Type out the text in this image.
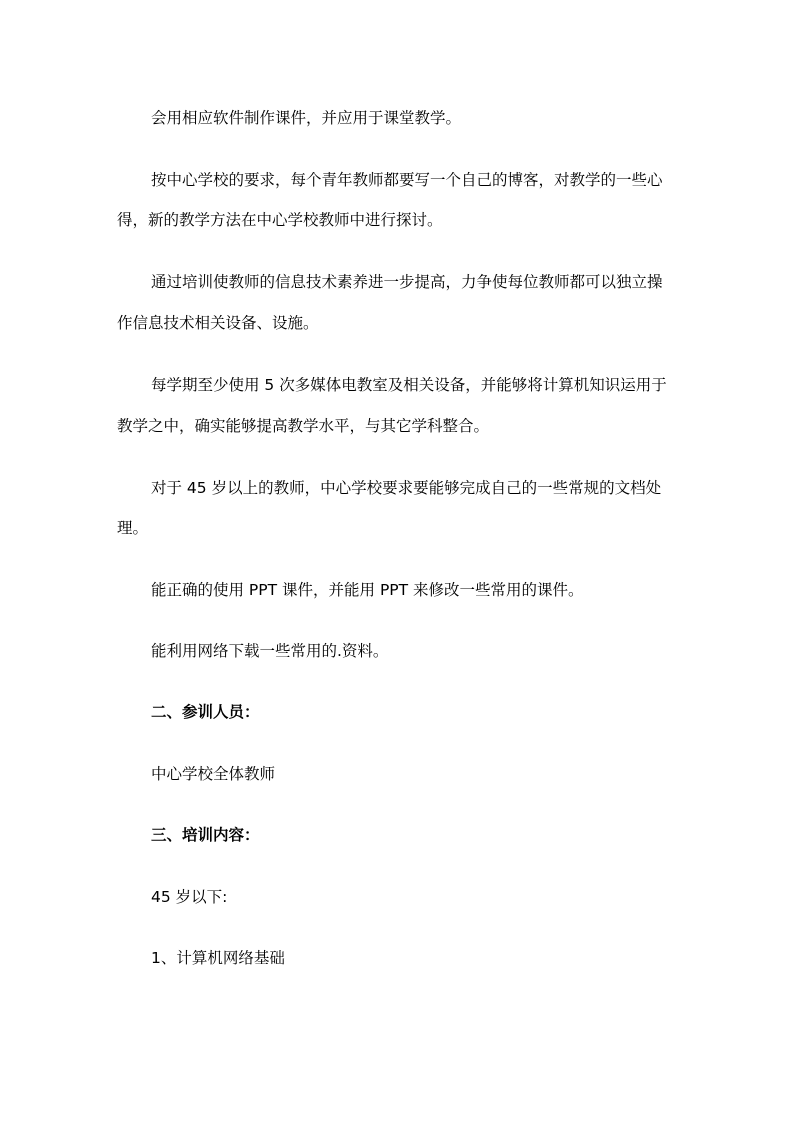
会用相应软件制作课件，并应用于课堂教学。

按中心学校的要求，每个青年教师都要写一个自己的博客，对教学的一些心

得，新的教学方法在中心学校教师中进行探讨。

通过培训使教师的信息技术素养进一步提高，力争使每位教师都可以独立操

作信息技术相关设备、设施。

每学期至少使用 5 次多媒体电教室及相关设备，并能够将计算机知识运用于

教学之中，确实能够提高教学水平，与其它学科整合。

对于 45 岁以上的教师，中心学校要求要能够完成自己的一些常规的文档处

理。

能正确的使用 PPT 课件，并能用 PPT 来修改一些常用的课件。

能利用网络下载一些常用的.资料。

二、参训人员：

中心学校全体教师

三、培训内容：

45 岁以下:

1、计算机网络基础
